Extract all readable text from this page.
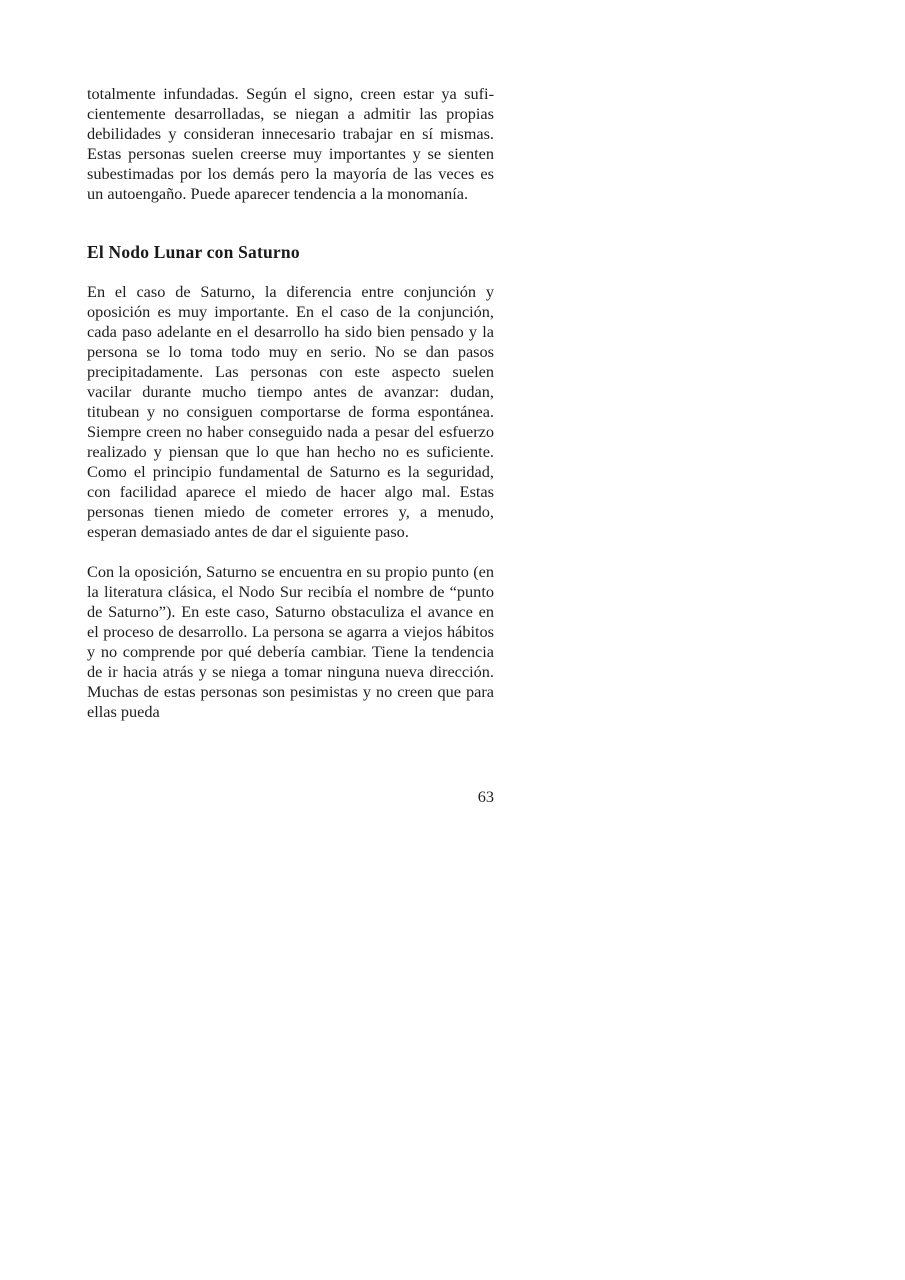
totalmente infundadas. Según el signo, creen estar ya suficientemente desarrolladas, se niegan a admitir las propias debilidades y consideran innecesario trabajar en sí mismas. Estas personas suelen creerse muy importantes y se sienten subestimadas por los demás pero la mayoría de las veces es un autoengaño. Puede aparecer tendencia a la monomanía.

El Nodo Lunar con Saturno

En el caso de Saturno, la diferencia entre conjunción y oposición es muy importante. En el caso de la conjunción, cada paso adelante en el desarrollo ha sido bien pensado y la persona se lo toma todo muy en serio. No se dan pasos precipitadamente. Las personas con este aspecto suelen vacilar durante mucho tiempo antes de avanzar: dudan, titubean y no consiguen comportarse de forma espontánea. Siempre creen no haber conseguido nada a pesar del esfuerzo realizado y piensan que lo que han hecho no es suficiente. Como el principio fundamental de Saturno es la seguridad, con facilidad aparece el miedo de hacer algo mal. Estas personas tienen miedo de cometer errores y, a menudo, esperan demasiado antes de dar el siguiente paso.

Con la oposición, Saturno se encuentra en su propio punto (en la literatura clásica, el Nodo Sur recibía el nombre de “punto de Saturno”). En este caso, Saturno obstaculiza el avance en el proceso de desarrollo. La persona se agarra a viejos hábitos y no comprende por qué debería cambiar. Tiene la tendencia de ir hacia atrás y se niega a tomar ninguna nueva dirección. Muchas de estas personas son pesimistas y no creen que para ellas pueda

63
